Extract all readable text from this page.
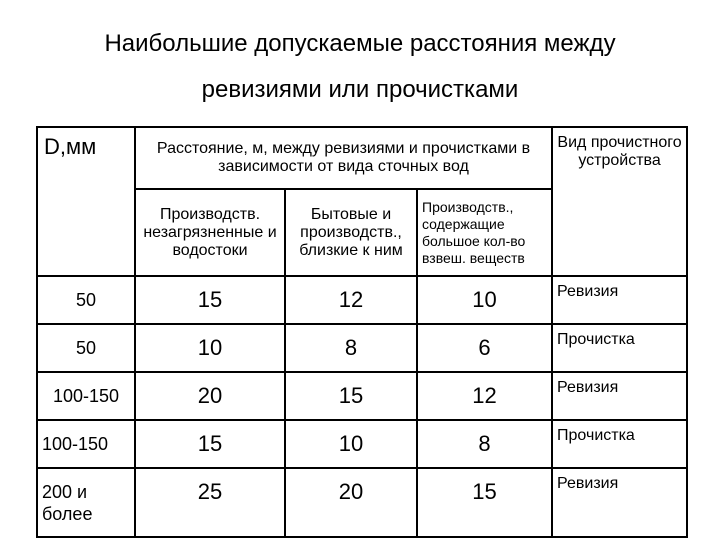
Наибольшие допускаемые расстояния между
ревизиями или прочистками
D,мм	Расстояние, м, между ревизиями и прочистками в зависимости от вида сточных вод			Вид прочистного устройства
	Производств. незагрязненные и водостоки	Бытовые и производств., близкие к ним	Производств., содержащие большое кол-во взвеш. веществ	
50	15	12	10	Ревизия
50	10	8	6	Прочистка
100-150	20	15	12	Ревизия
100-150	15	10	8	Прочистка
200 и более	25	20	15	Ревизия
